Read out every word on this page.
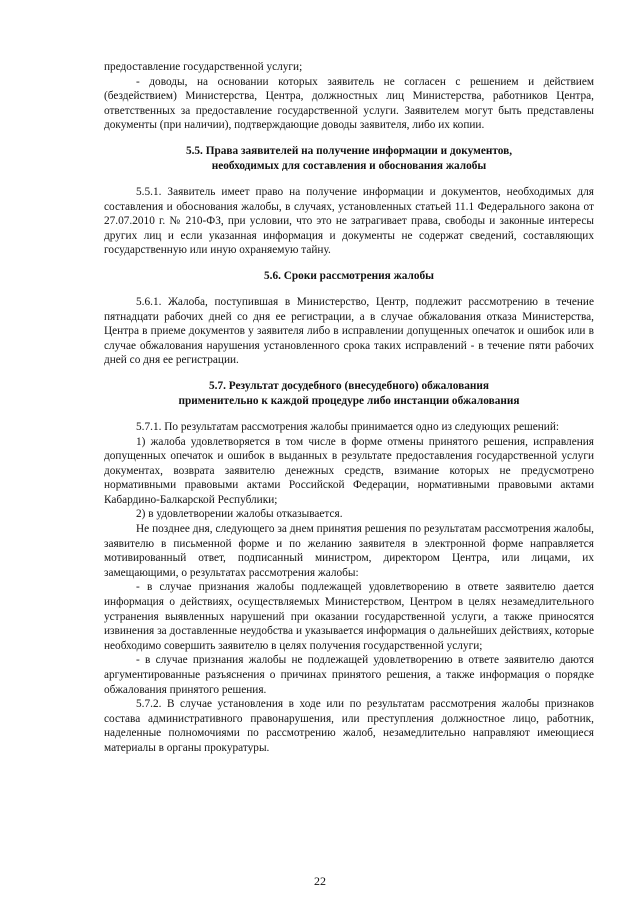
предоставление государственной услуги;

- доводы, на основании которых заявитель не согласен с решением и действием (бездействием) Министерства, Центра, должностных лиц Министерства, работников Центра, ответственных за предоставление государственной услуги. Заявителем могут быть представлены документы (при наличии), подтверждающие доводы заявителя, либо их копии.

5.5. Права заявителей на получение информации и документов,

необходимых для составления и обоснования жалобы

5.5.1. Заявитель имеет право на получение информации и документов, необходимых для составления и обоснования жалобы, в случаях, установленных статьей 11.1 Федерального закона от 27.07.2010 г. № 210-ФЗ, при условии, что это не затрагивает права, свободы и законные интересы других лиц и если указанная информация и документы не содержат сведений, составляющих государственную или иную охраняемую тайну.

5.6. Сроки рассмотрения жалобы

5.6.1. Жалоба, поступившая в Министерство, Центр, подлежит рассмотрению в течение пятнадцати рабочих дней со дня ее регистрации, а в случае обжалования отказа Министерства, Центра в приеме документов у заявителя либо в исправлении допущенных опечаток и ошибок или в случае обжалования нарушения установленного срока таких исправлений - в течение пяти рабочих дней со дня ее регистрации.

5.7. Результат досудебного (внесудебного) обжалования

применительно к каждой процедуре либо инстанции обжалования

5.7.1. По результатам рассмотрения жалобы принимается одно из следующих решений:

1) жалоба удовлетворяется в том числе в форме отмены принятого решения, исправления допущенных опечаток и ошибок в выданных в результате предоставления государственной услуги документах, возврата заявителю денежных средств, взимание которых не предусмотрено нормативными правовыми актами Российской Федерации, нормативными правовыми актами Кабардино-Балкарской Республики;

2) в удовлетворении жалобы отказывается.

Не позднее дня, следующего за днем принятия решения по результатам рассмотрения жалобы, заявителю в письменной форме и по желанию заявителя в электронной форме направляется мотивированный ответ, подписанный министром, директором Центра, или лицами, их замещающими, о результатах рассмотрения жалобы:

- в случае признания жалобы подлежащей удовлетворению в ответе заявителю дается информация о действиях, осуществляемых Министерством, Центром в целях незамедлительного устранения выявленных нарушений при оказании государственной услуги, а также приносятся извинения за доставленные неудобства и указывается информация о дальнейших действиях, которые необходимо совершить заявителю в целях получения государственной услуги;

- в случае признания жалобы не подлежащей удовлетворению в ответе заявителю даются аргументированные разъяснения о причинах принятого решения, а также информация о порядке обжалования принятого решения.

5.7.2. В случае установления в ходе или по результатам рассмотрения жалобы признаков состава административного правонарушения, или преступления должностное лицо, работник, наделенные полномочиями по рассмотрению жалоб, незамедлительно направляют имеющиеся материалы в органы прокуратуры.

22
